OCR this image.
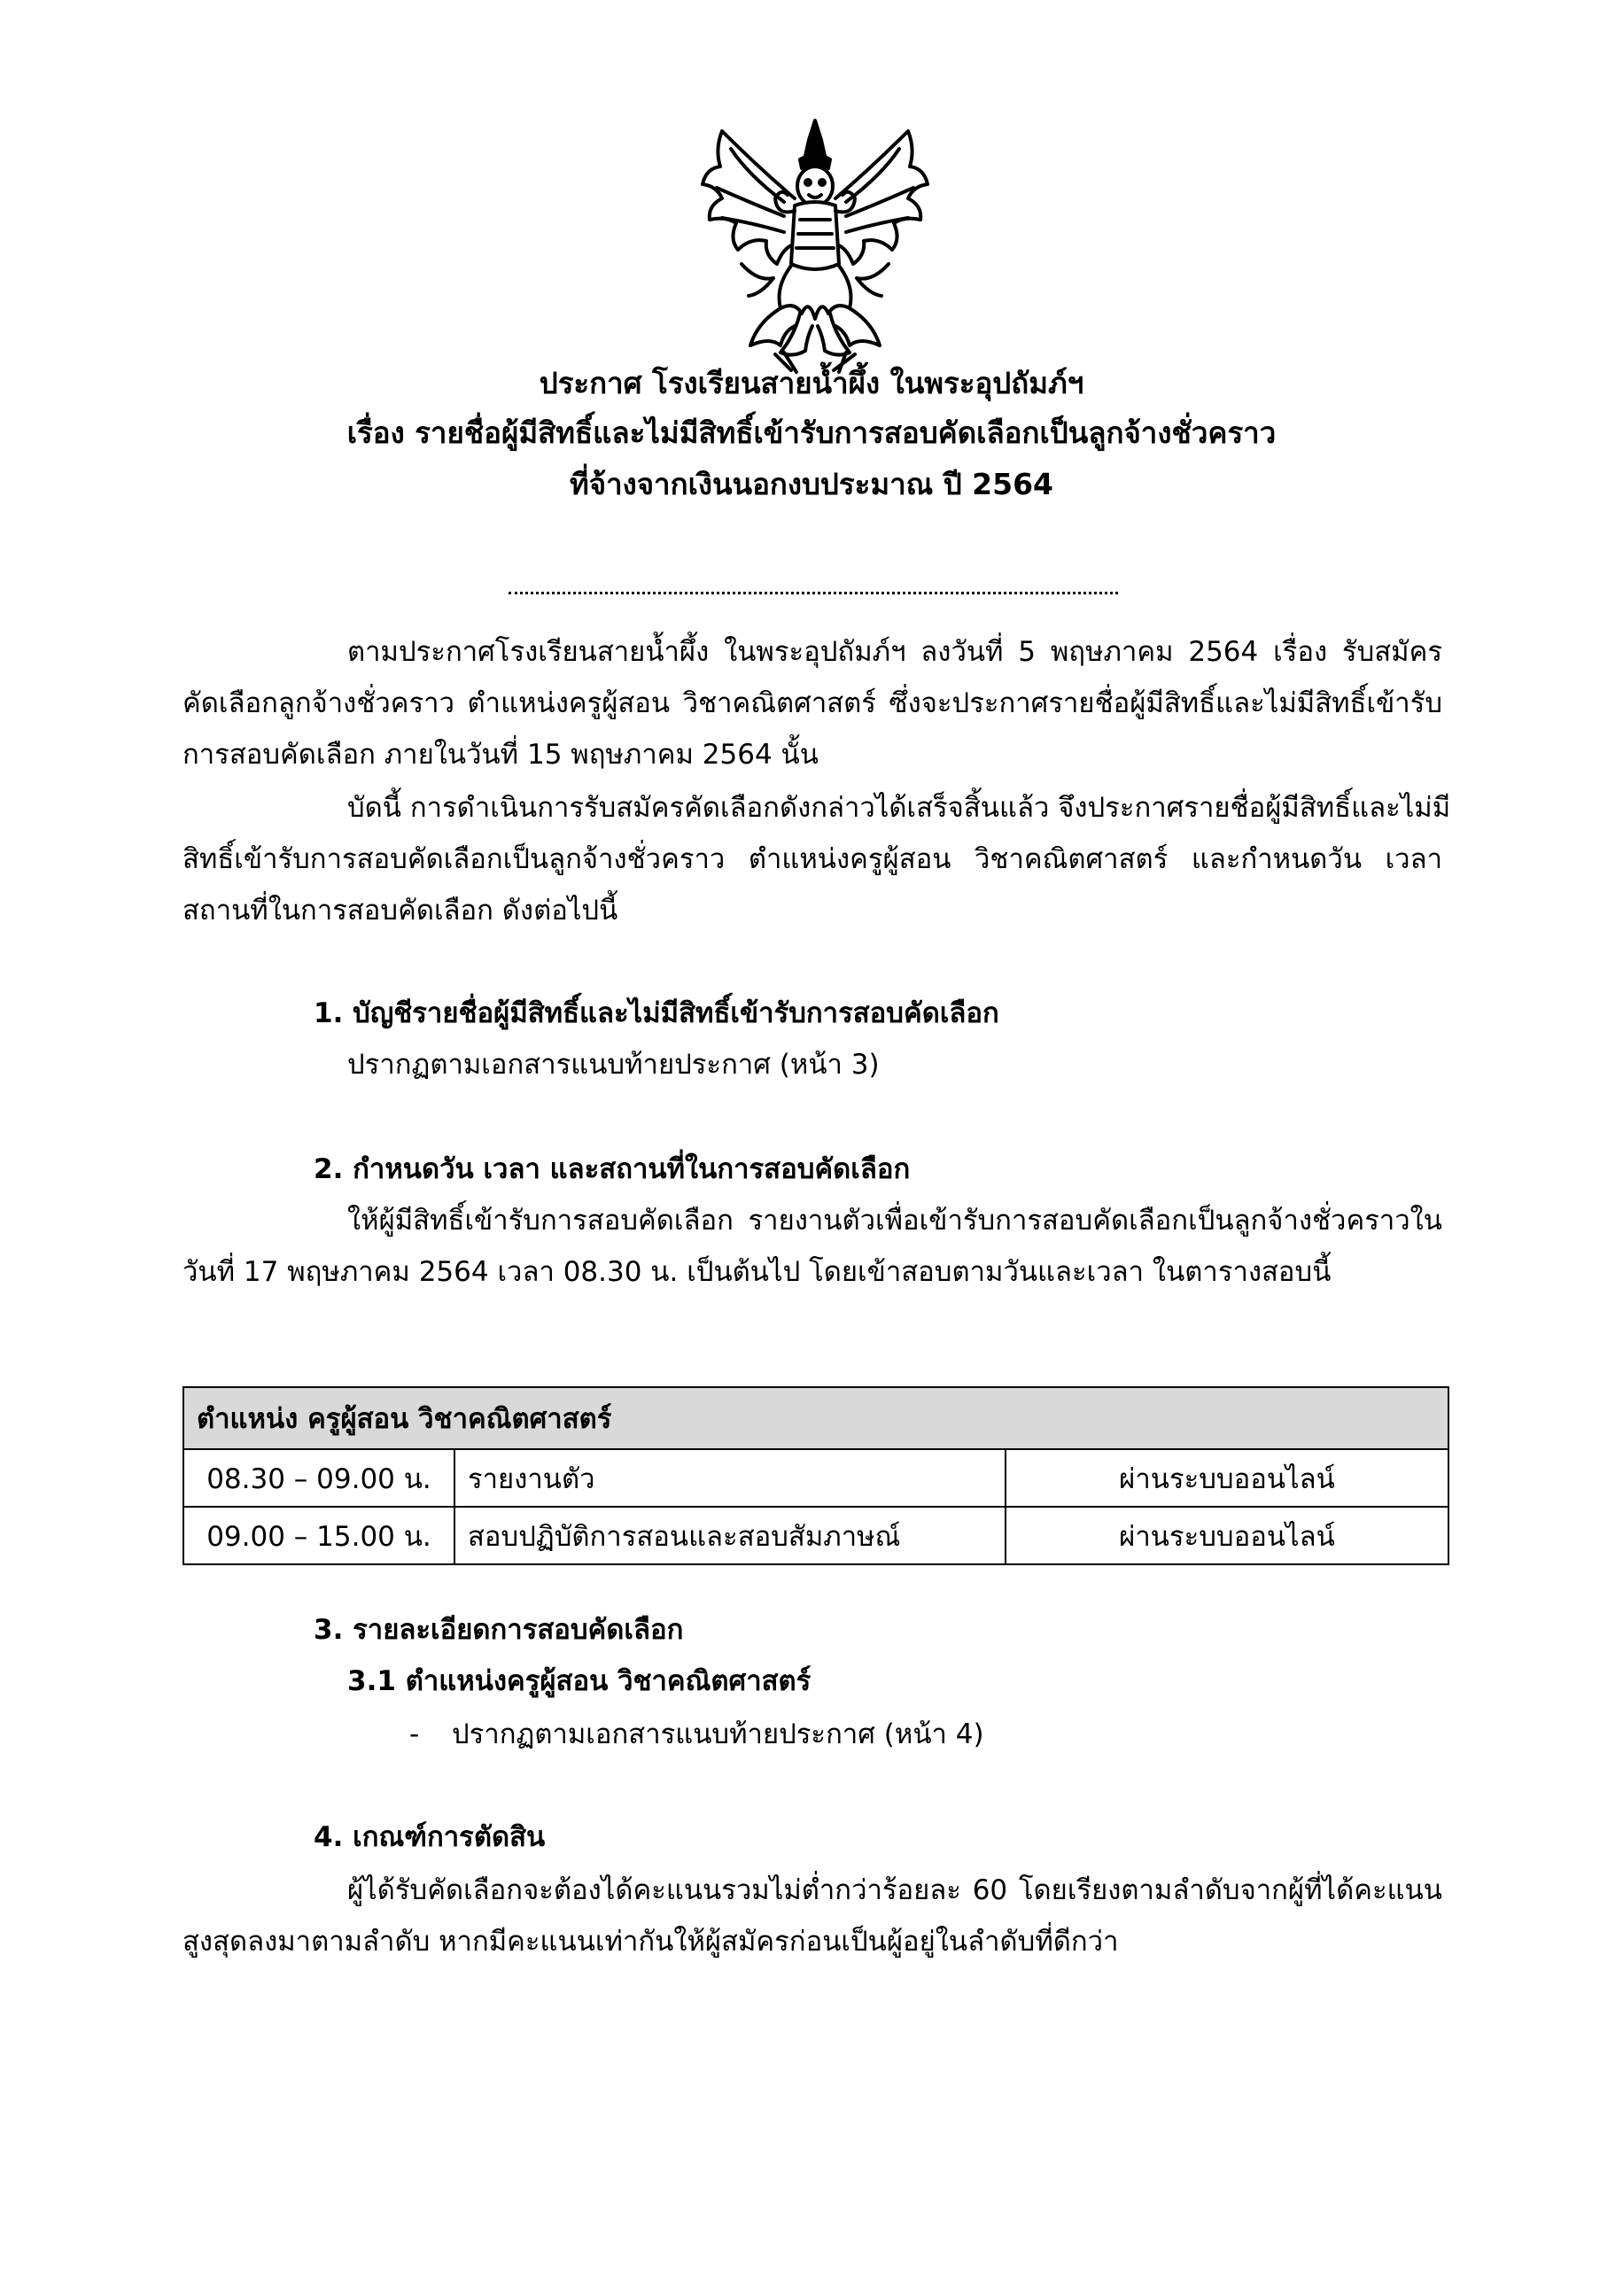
ประกาศ โรงเรียนสายน้ำผึ้ง ในพระอุปถัมภ์ฯ
เรื่อง รายชื่อผู้มีสิทธิ์และไม่มีสิทธิ์เข้ารับการสอบคัดเลือกเป็นลูกจ้างชั่วคราว
ที่จ้างจากเงินนอกงบประมาณ ปี 2564
ตามประกาศโรงเรียนสายน้ำผึ้ง ในพระอุปถัมภ์ฯ ลงวันที่ 5 พฤษภาคม 2564 เรื่อง รับสมัคร
คัดเลือกลูกจ้างชั่วคราว ตำแหน่งครูผู้สอน วิชาคณิตศาสตร์ ซึ่งจะประกาศรายชื่อผู้มีสิทธิ์และไม่มีสิทธิ์เข้ารับ
การสอบคัดเลือก ภายในวันที่ 15 พฤษภาคม 2564 นั้น
บัดนี้ การดำเนินการรับสมัครคัดเลือกดังกล่าวได้เสร็จสิ้นแล้ว จึงประกาศรายชื่อผู้มีสิทธิ์และไม่มี
สิทธิ์เข้ารับการสอบคัดเลือกเป็นลูกจ้างชั่วคราว ตำแหน่งครูผู้สอน วิชาคณิตศาสตร์ และกำหนดวัน เวลา
สถานที่ในการสอบคัดเลือก ดังต่อไปนี้
1. บัญชีรายชื่อผู้มีสิทธิ์และไม่มีสิทธิ์เข้ารับการสอบคัดเลือก
ปรากฏตามเอกสารแนบท้ายประกาศ (หน้า 3)
2. กำหนดวัน เวลา และสถานที่ในการสอบคัดเลือก
ให้ผู้มีสิทธิ์เข้ารับการสอบคัดเลือก รายงานตัวเพื่อเข้ารับการสอบคัดเลือกเป็นลูกจ้างชั่วคราวใน
วันที่ 17 พฤษภาคม 2564 เวลา 08.30 น. เป็นต้นไป โดยเข้าสอบตามวันและเวลา ในตารางสอบนี้
ตำแหน่ง ครูผู้สอน วิชาคณิตศาสตร์		
08.30 – 09.00 น.	รายงานตัว	ผ่านระบบออนไลน์
09.00 – 15.00 น.	สอบปฏิบัติการสอนและสอบสัมภาษณ์	ผ่านระบบออนไลน์
3. รายละเอียดการสอบคัดเลือก
3.1 ตำแหน่งครูผู้สอน วิชาคณิตศาสตร์
- ปรากฏตามเอกสารแนบท้ายประกาศ (หน้า 4)
4. เกณฑ์การตัดสิน
ผู้ได้รับคัดเลือกจะต้องได้คะแนนรวมไม่ต่ำกว่าร้อยละ 60 โดยเรียงตามลำดับจากผู้ที่ได้คะแนน
สูงสุดลงมาตามลำดับ หากมีคะแนนเท่ากันให้ผู้สมัครก่อนเป็นผู้อยู่ในลำดับที่ดีกว่า
